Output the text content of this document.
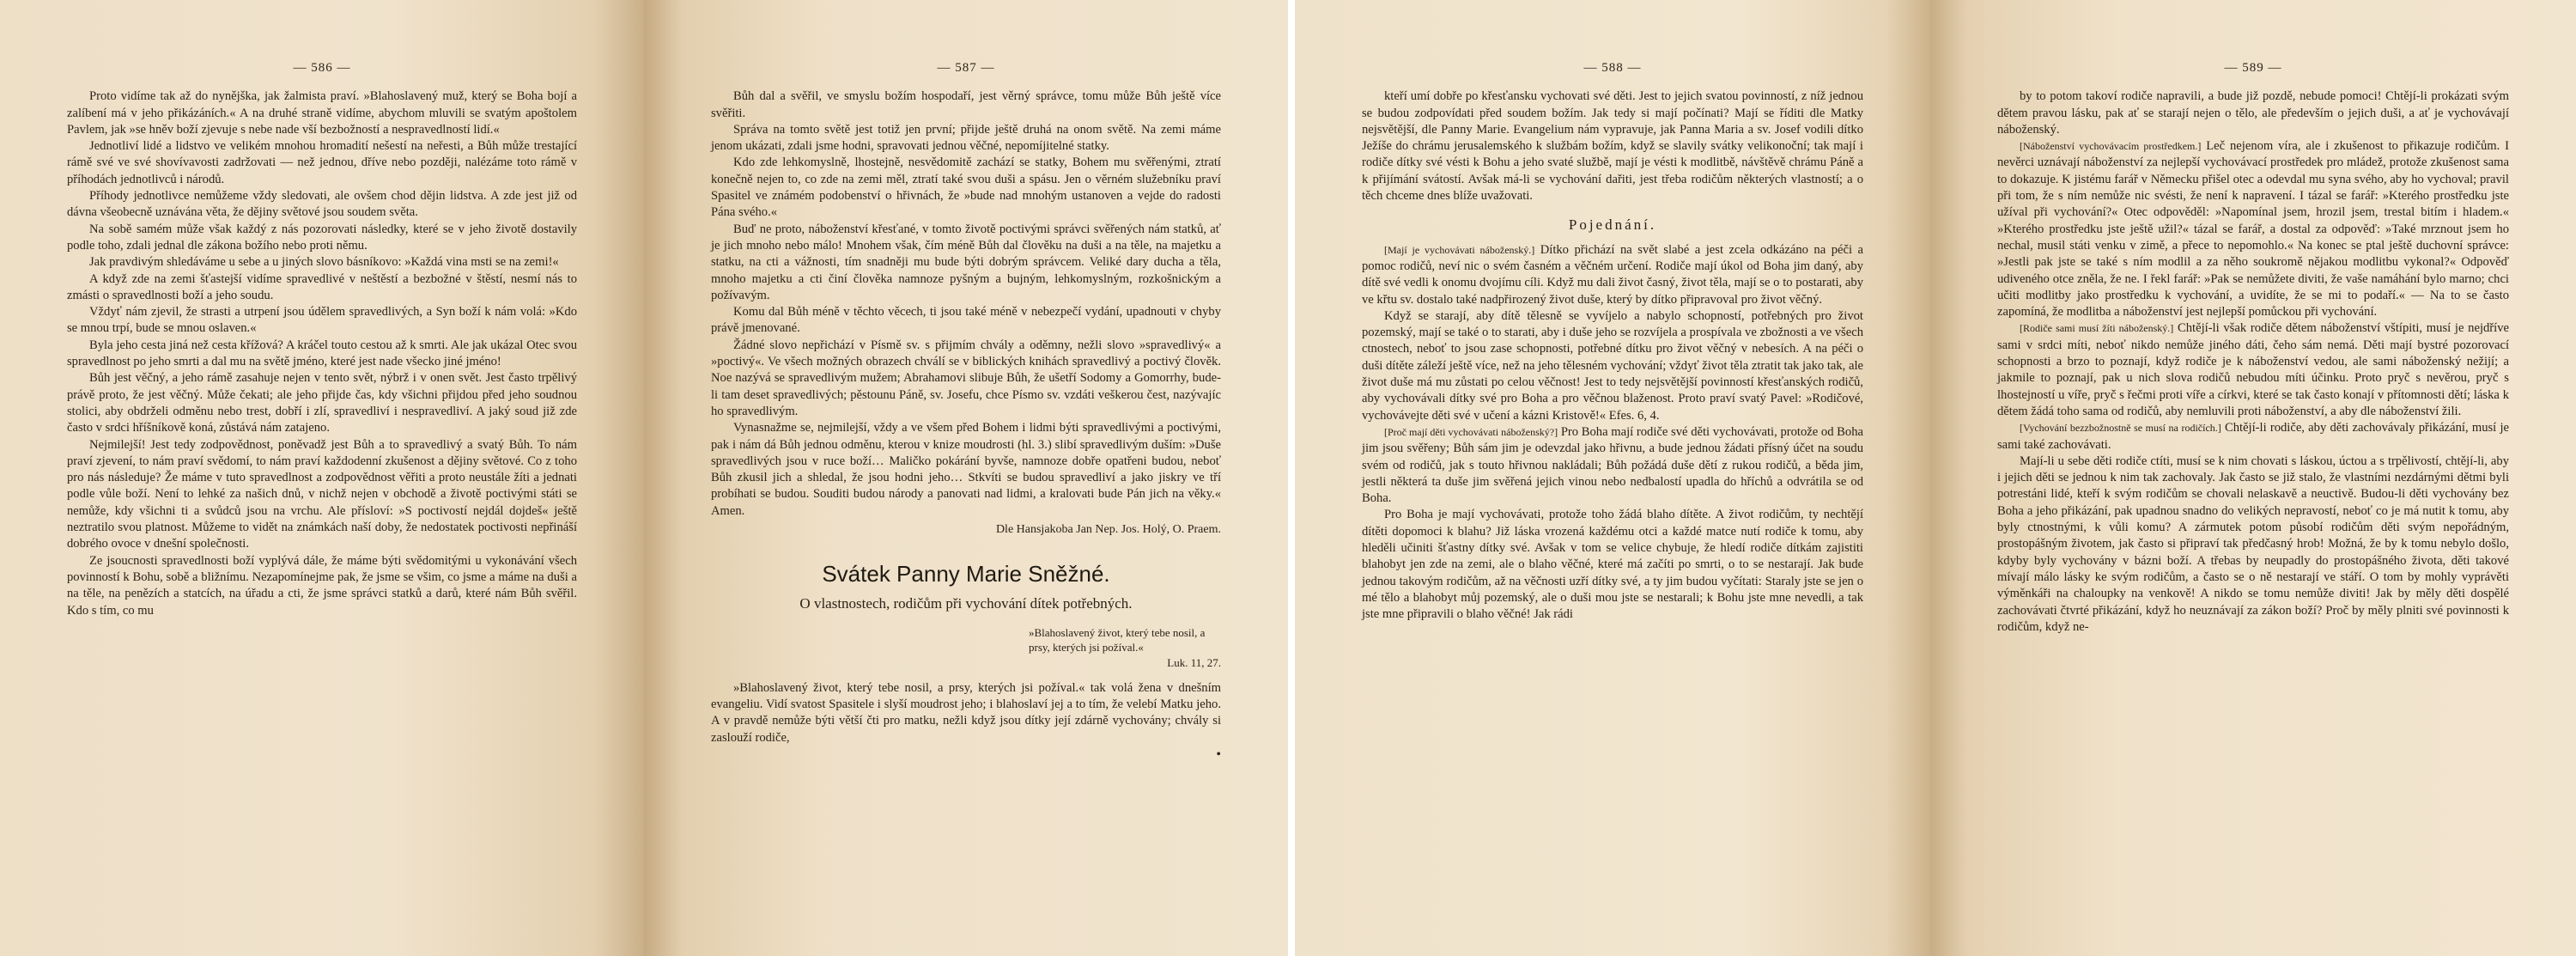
— 586 —

Proto vidíme tak až do nynějška, jak žalmista praví. »Blahoslavený muž, který se Boha bojí a zalíbení má v jeho přikázáních.« A na druhé straně vidíme, abychom mluvili se svatým apoštolem Pavlem, jak »se hněv boží zjevuje s nebe nade vší bezbožností a nespravedlností lidí.«

Jednotliví lidé a lidstvo ve velikém mnohou hromadití nešestí na neřesti, a Bůh může trestající rámě své ve své shovívavosti zadržovati — než jednou, dříve nebo později, nalézáme toto rámě v příhodách jednotlivců i národů.

Příhody jednotlivce nemůžeme vždy sledovati, ale ovšem chod dějin lidstva. A zde jest již od dávna všeobecně uznávána věta, že dějiny světové jsou soudem světa.

Na sobě samém může však každý z nás pozorovati následky, které se v jeho životě dostavily podle toho, zdali jednal dle zákona božího nebo proti němu.

Jak pravdivým shledáváme u sebe a u jiných slovo básníkovo: »Každá vina msti se na zemi!«

A když zde na zemi šťastejší vidíme spravedlivé v neštěstí a bezbožné v štěstí, nesmí nás to zmásti o spravedlnosti boží a jeho soudu.

Vždyť nám zjevil, že strasti a utrpení jsou údělem spravedlivých, a Syn boží k nám volá: »Kdo se mnou trpí, bude se mnou oslaven.«

Byla jeho cesta jiná než cesta křížová? A kráčel touto cestou až k smrti. Ale jak ukázal Otec svou spravedlnost po jeho smrti a dal mu na světě jméno, které jest nade všecko jiné jméno!

Bůh jest věčný, a jeho rámě zasahuje nejen v tento svět, nýbrž i v onen svět. Jest často trpělivý právě proto, že jest věčný. Může čekati; ale jeho přijde čas, kdy všichni přijdou před jeho soudnou stolici, aby obdrželi odměnu nebo trest, dobří i zlí, spravedliví i nespravedliví. A jaký soud již zde často v srdci hříšníkově koná, zůstává nám zatajeno.

Nejmilejší! Jest tedy zodpovědnost, poněvadž jest Bůh a to spravedlivý a svatý Bůh. To nám praví zjevení, to nám praví svědomí, to nám praví každodenní zkušenost a dějiny světové. Co z toho pro nás následuje? Že máme v tuto spravedlnost a zodpovědnost věřiti a proto neustále žíti a jednati podle vůle boží. Není to lehké za našich dnů, v nichž nejen v obchodě a životě poctivými státi se nemůže, kdy všichni ti a svůdců jsou na vrchu. Ale přísloví: »S poctivostí nejdál dojdeš« ještě neztratilo svou platnost. Můžeme to vidět na známkách naší doby, že nedostatek poctivosti nepřináší dobrého ovoce v dnešní společnosti.

Ze jsoucnosti spravedlnosti boží vyplývá dále, že máme býti svědomitými u vykonávání všech povinností k Bohu, sobě a bližnímu. Nezapomínejme pak, že jsme se všim, co jsme a máme na duši a na těle, na penězích a statcích, na úřadu a cti, že jsme správci statků a darů, které nám Bůh svěřil. Kdo s tím, co mu

— 587 —

Bůh dal a svěřil, ve smyslu božím hospodaří, jest věrný správce, tomu může Bůh ještě více svěřiti.

Správa na tomto světě jest totiž jen první; přijde ještě druhá na onom světě. Na zemi máme jenom ukázati, zdali jsme hodni, spravovati jednou věčné, nepomíjitelné statky.

Kdo zde lehkomyslně, lhostejně, nesvědomitě zachází se statky, Bohem mu svěřenými, ztratí konečně nejen to, co zde na zemi měl, ztratí také svou duši a spásu. Jen o věrném služebníku praví Spasitel ve známém podobenství o hřivnách, že »bude nad mnohým ustanoven a vejde do radosti Pána svého.«

Buď ne proto, náboženství křesťané, v tomto životě poctivými správci svěřených nám statků, ať je jich mnoho nebo málo! Mnohem však, čím méně Bůh dal člověku na duši a na těle, na majetku a statku, na cti a vážnosti, tím snadněji mu bude býti dobrým správcem. Veliké dary ducha a těla, mnoho majetku a cti činí člověka namnoze pyšným a bujným, lehkomyslným, rozkošnickým a požívavým.

Komu dal Bůh méně v těchto věcech, ti jsou také méně v nebezpečí vydání, upadnouti v chyby právě jmenované.

Žádné slovo nepřichází v Písmě sv. s přijmím chvály a oděmny, nežli slovo »spravedlivý« a »poctivý«. Ve všech možných obrazech chválí se v biblických knihách spravedlivý a poctivý člověk. Noe nazývá se spravedlivým mužem; Abrahamovi slibuje Bůh, že ušetří Sodomy a Gomorrhy, bude-li tam deset spravedlivých; pěstounu Páně, sv. Josefu, chce Písmo sv. vzdáti veškerou čest, nazývajíc ho spravedlivým.

Vynasnažme se, nejmilejší, vždy a ve všem před Bohem i lidmi býti spravedlivými a poctivými, pak i nám dá Bůh jednou odměnu, kterou v knize moudrosti (hl. 3.) slibí spravedlivým duším: »Duše spravedlivých jsou v ruce boží… Maličko pokárání byvše, namnoze dobře opatřeni budou, neboť Bůh zkusil jich a shledal, že jsou hodni jeho… Stkvíti se budou spravedliví a jako jiskry ve tří probíhati se budou. Souditi budou národy a panovati nad lidmi, a kralovati bude Pán jich na věky.« Amen.

Dle Hansjakoba Jan Nep. Jos. Holý, O. Praem.
Svátek Panny Marie Sněžné.
O vlastnostech, rodičům při vychování dítek potřebných.
»Blahoslavený život, který tebe nosil, a prsy, kterých jsi požíval.«
Luk. 11, 27.

»Blahoslavený život, který tebe nosil, a prsy, kterých jsi požíval.« tak volá žena v dnešním evangeliu. Vidí svatost Spasitele i slyší moudrost jeho; i blahoslaví jej a to tím, že velebí Matku jeho. A v pravdě nemůže býti větší čti pro matku, nežli když jsou dítky její zdárně vychovány; chvály si zaslouží rodiče,

•
— 588 —

kteří umí dobře po křesťansku vychovati své děti. Jest to jejich svatou povinností, z níž jednou se budou zodpovídati před soudem božím. Jak tedy si mají počínati? Mají se říditi dle Matky nejsvětější, dle Panny Marie. Evangelium nám vypravuje, jak Panna Maria a sv. Josef vodili dítko Ježíše do chrámu jerusalemského k službám božím, když se slavily svátky velikonoční; tak mají i rodiče dítky své vésti k Bohu a jeho svaté službě, mají je vésti k modlitbě, návštěvě chrámu Páně a k přijímání svátostí. Avšak má-li se vychování dařiti, jest třeba rodičům některých vlastností; a o těch chceme dnes blíže uvažovati.

Pojednání.

[Mají je vychovávati náboženský.] Dítko přichází na svět slabé a jest zcela odkázáno na péči a pomoc rodičů, neví nic o svém časném a věčném určení. Rodiče mají úkol od Boha jim daný, aby dítě své vedli k onomu dvojímu cíli. Když mu dali život časný, život těla, mají se o to postarati, aby ve křtu sv. dostalo také nadpřirozený život duše, který by dítko připravoval pro život věčný.

Když se starají, aby dítě tělesně se vyvíjelo a nabylo schopností, potřebných pro život pozemský, mají se také o to starati, aby i duše jeho se rozvíjela a prospívala ve zbožnosti a ve všech ctnostech, neboť to jsou zase schopnosti, potřebné dítku pro život věčný v nebesích. A na péči o duši dítěte záleží ještě více, než na jeho tělesném vychování; vždyť život těla ztratit tak jako tak, ale život duše má mu zůstati po celou věčnost! Jest to tedy nejsvětější povinností křesťanských rodičů, aby vychovávali dítky své pro Boha a pro věčnou blaženost. Proto praví svatý Pavel: »Rodičové, vychovávejte děti své v učení a kázni Kristově!« Efes. 6, 4.

[Proč mají děti vychovávati náboženský?] Pro Boha mají rodiče své děti vychovávati, protože od Boha jim jsou svěřeny; Bůh sám jim je odevzdal jako hřivnu, a bude jednou žádati přísný účet na soudu svém od rodičů, jak s touto hřivnou nakládali; Bůh požádá duše dětí z rukou rodičů, a běda jim, jestli některá ta duše jim svěřená jejich vinou nebo nedbalostí upadla do hříchů a odvrátila se od Boha.

Pro Boha je mají vychovávati, protože toho žádá blaho dítěte. A život rodičům, ty nechtějí dítěti dopomoci k blahu? Již láska vrozená každému otci a každé matce nutí rodiče k tomu, aby hleděli učiniti šťastny dítky své. Avšak v tom se velice chybuje, že hledí rodiče dítkám zajistiti blahobyt jen zde na zemi, ale o blaho věčné, které má začíti po smrti, o to se nestarají. Jak bude jednou takovým rodičům, až na věčnosti uzří dítky své, a ty jim budou vyčítati: Staraly jste se jen o mé tělo a blahobyt můj pozemský, ale o duši mou jste se nestarali; k Bohu jste mne nevedli, a tak jste mne připravili o blaho věčné! Jak rádi

— 589 —

by to potom takoví rodiče napravili, a bude již pozdě, nebude pomoci! Chtějí-li prokázati svým dětem pravou lásku, pak ať se starají nejen o tělo, ale především o jejich duši, a ať je vychovávají náboženský.

[Náboženství vychovávacím prostředkem.] Leč nejenom víra, ale i zkušenost to přikazuje rodičům. I nevěrci uznávají náboženství za nejlepší vychovávací prostředek pro mládež, protože zkušenost sama to dokazuje. K jistému farář v Německu přišel otec a odevdal mu syna svého, aby ho vychoval; pravil při tom, že s ním nemůže nic svésti, že není k napravení. I tázal se farář: »Kterého prostředku jste užíval při vychování?« Otec odpověděl: »Napomínal jsem, hrozil jsem, trestal bitím i hladem.« »Kterého prostředku jste ještě užil?« tázal se farář, a dostal za odpověď: »Také mrznout jsem ho nechal, musil státi venku v zimě, a přece to nepomohlo.« Na konec se ptal ještě duchovní správce: »Jestli pak jste se také s ním modlil a za něho soukromě nějakou modlitbu vykonal?« Odpověď udiveného otce zněla, že ne. I řekl farář: »Pak se nemůžete diviti, že vaše namáhání bylo marno; chci učiti modlitby jako prostředku k vychování, a uvidíte, že se mi to podaří.« — Na to se často zapomíná, že modlitba a náboženství jest nejlepší pomůckou při vychování.

[Rodiče sami musí žíti náboženský.] Chtějí-li však rodiče dětem náboženství vštípiti, musí je nejdříve sami v srdci míti, neboť nikdo nemůže jiného dáti, čeho sám nemá. Děti mají bystré pozorovací schopnosti a brzo to poznají, když rodiče je k náboženství vedou, ale sami náboženský nežijí; a jakmile to poznají, pak u nich slova rodičů nebudou míti účinku. Proto pryč s nevěrou, pryč s lhostejností u víře, pryč s řečmi proti víře a církvi, které se tak často konají v přítomnosti dětí; láska k dětem žádá toho sama od rodičů, aby nemluvili proti náboženství, a aby dle náboženství žili.

[Vychování bezzbožnostně se musí na rodičích.] Chtějí-li rodiče, aby děti zachovávaly přikázání, musí je sami také zachovávati.

Mají-li u sebe děti rodiče ctíti, musí se k nim chovati s láskou, úctou a s trpělivostí, chtějí-li, aby i jejich děti se jednou k nim tak zachovaly. Jak často se již stalo, že vlastními nezdárnými dětmi byli potrestáni lidé, kteří k svým rodičům se chovali nelaskavě a neuctivě. Budou-li děti vychovány bez Boha a jeho přikázání, pak upadnou snadno do velikých nepravostí, neboť co je má nutit k tomu, aby byly ctnostnými, k vůli komu? A zármutek potom působí rodičům děti svým nepořádným, prostopášným životem, jak často si připraví tak předčasný hrob! Možná, že by k tomu nebylo došlo, kdyby byly vychovány v bázni boží. A třebas by neupadly do prostopášného života, děti takové mívají málo lásky ke svým rodičům, a často se o ně nestarají ve stáří. O tom by mohly vyprávěti výměnkáři na chaloupky na venkově! A nikdo se tomu nemůže diviti! Jak by měly děti dospělé zachovávati čtvrté přikázání, když ho neuznávají za zákon boží? Proč by měly plniti své povinnosti k rodičům, když ne-
